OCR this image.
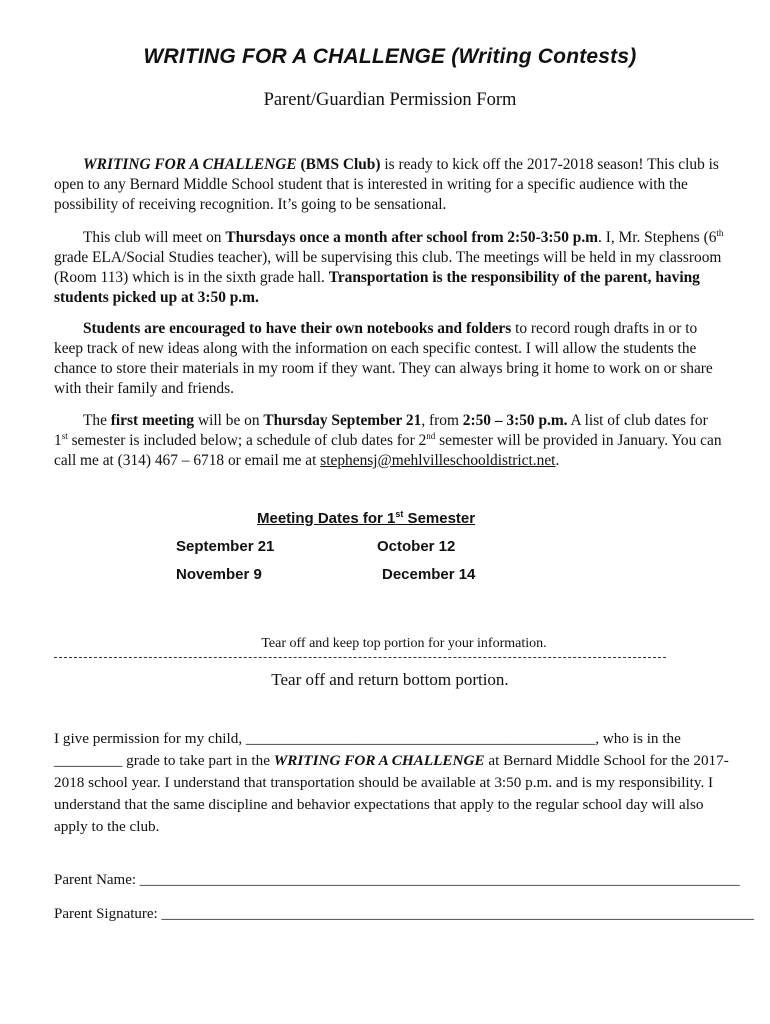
WRITING FOR A CHALLENGE (Writing Contests)
Parent/Guardian Permission Form

WRITING FOR A CHALLENGE (BMS Club) is ready to kick off the 2017-2018 season! This club is open to any Bernard Middle School student that is interested in writing for a specific audience with the possibility of receiving recognition. It’s going to be sensational.

This club will meet on Thursdays once a month after school from 2:50-3:50 p.m. I, Mr. Stephens (6th grade ELA/Social Studies teacher), will be supervising this club. The meetings will be held in my classroom (Room 113) which is in the sixth grade hall. Transportation is the responsibility of the parent, having students picked up at 3:50 p.m.

Students are encouraged to have their own notebooks and folders to record rough drafts in or to keep track of new ideas along with the information on each specific contest. I will allow the students the chance to store their materials in my room if they want. They can always bring it home to work on or share with their family and friends.

The first meeting will be on Thursday September 21, from 2:50 – 3:50 p.m. A list of club dates for 1st semester is included below; a schedule of club dates for 2nd semester will be provided in January. You can call me at (314) 467 – 6718 or email me at stephensj@mehlvilleschooldistrict.net.

Meeting Dates for 1st Semester
September 21	October 12
November 9	December 14
Tear off and keep top portion for your information.
Tear off and return bottom portion.

I give permission for my child, ______________________________________________, who is in the _________ grade to take part in the WRITING FOR A CHALLENGE at Bernard Middle School for the 2017-2018 school year. I understand that transportation should be available at 3:50 p.m. and is my responsibility. I understand that the same discipline and behavior expectations that apply to the regular school day will also apply to the club.

Parent Name: ________________________________________________________________________________
Parent Signature: _______________________________________________________________________________
